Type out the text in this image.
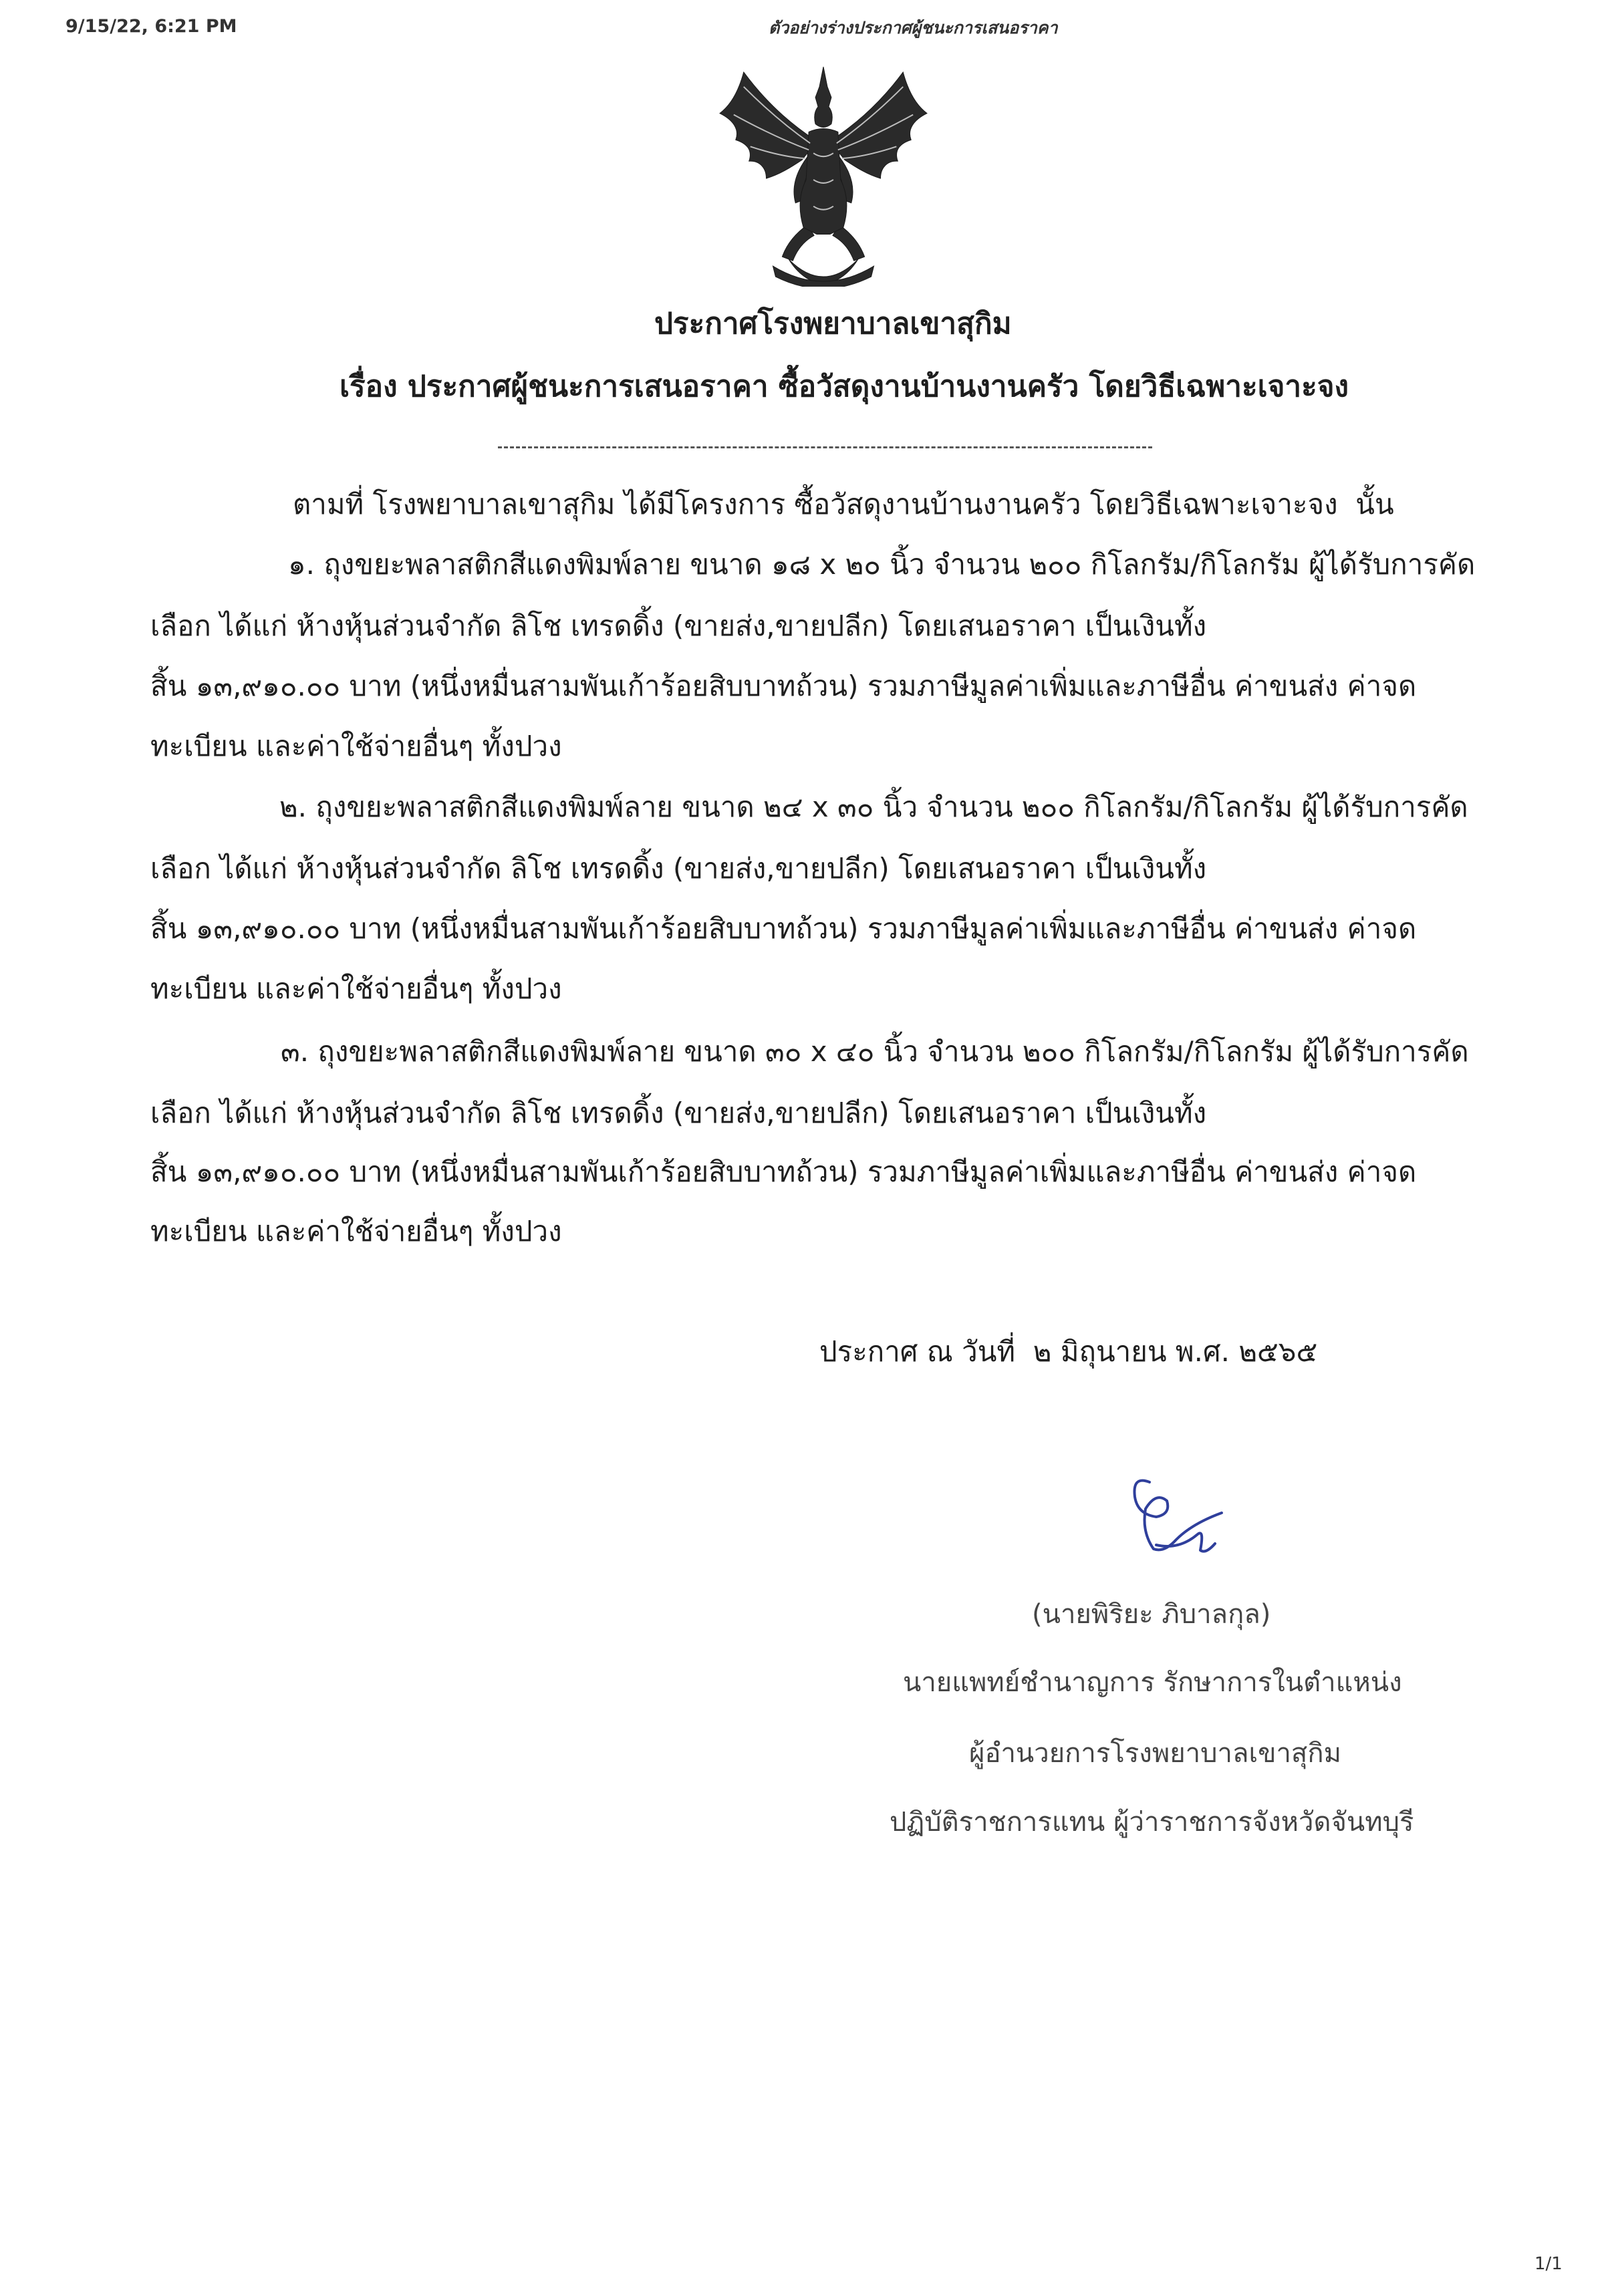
9/15/22, 6:21 PM	ตัวอย่างร่างประกาศผู้ชนะการเสนอราคา
ประกาศโรงพยาบาลเขาสุกิม
เรื่อง ประกาศผู้ชนะการเสนอราคา ซื้อวัสดุงานบ้านงานครัว โดยวิธีเฉพาะเจาะจง
ตามที่ โรงพยาบาลเขาสุกิม ได้มีโครงการ ซื้อวัสดุงานบ้านงานครัว โดยวิธีเฉพาะเจาะจง  นั้น
๑. ถุงขยะพลาสติกสีแดงพิมพ์ลาย ขนาด ๑๘ x ๒๐ นิ้ว จำนวน ๒๐๐ กิโลกรัม/กิโลกรัม ผู้ได้รับการคัด
เลือก ได้แก่ ห้างหุ้นส่วนจำกัด ลิโช เทรดดิ้ง (ขายส่ง,ขายปลีก) โดยเสนอราคา เป็นเงินทั้ง
สิ้น ๑๓,๙๑๐.๐๐ บาท (หนึ่งหมื่นสามพันเก้าร้อยสิบบาทถ้วน) รวมภาษีมูลค่าเพิ่มและภาษีอื่น ค่าขนส่ง ค่าจด
ทะเบียน และค่าใช้จ่ายอื่นๆ ทั้งปวง
๒. ถุงขยะพลาสติกสีแดงพิมพ์ลาย ขนาด ๒๔ x ๓๐ นิ้ว จำนวน ๒๐๐ กิโลกรัม/กิโลกรัม ผู้ได้รับการคัด
เลือก ได้แก่ ห้างหุ้นส่วนจำกัด ลิโช เทรดดิ้ง (ขายส่ง,ขายปลีก) โดยเสนอราคา เป็นเงินทั้ง
สิ้น ๑๓,๙๑๐.๐๐ บาท (หนึ่งหมื่นสามพันเก้าร้อยสิบบาทถ้วน) รวมภาษีมูลค่าเพิ่มและภาษีอื่น ค่าขนส่ง ค่าจด
ทะเบียน และค่าใช้จ่ายอื่นๆ ทั้งปวง
๓. ถุงขยะพลาสติกสีแดงพิมพ์ลาย ขนาด ๓๐ x ๔๐ นิ้ว จำนวน ๒๐๐ กิโลกรัม/กิโลกรัม ผู้ได้รับการคัด
เลือก ได้แก่ ห้างหุ้นส่วนจำกัด ลิโช เทรดดิ้ง (ขายส่ง,ขายปลีก) โดยเสนอราคา เป็นเงินทั้ง
สิ้น ๑๓,๙๑๐.๐๐ บาท (หนึ่งหมื่นสามพันเก้าร้อยสิบบาทถ้วน) รวมภาษีมูลค่าเพิ่มและภาษีอื่น ค่าขนส่ง ค่าจด
ทะเบียน และค่าใช้จ่ายอื่นๆ ทั้งปวง
ประกาศ ณ วันที่  ๒ มิถุนายน พ.ศ. ๒๕๖๕
(นายพิริยะ ภิบาลกุล)
นายแพทย์ชำนาญการ รักษาการในตำแหน่ง
ผู้อำนวยการโรงพยาบาลเขาสุกิม
ปฏิบัติราชการแทน ผู้ว่าราชการจังหวัดจันทบุรี
1/1
